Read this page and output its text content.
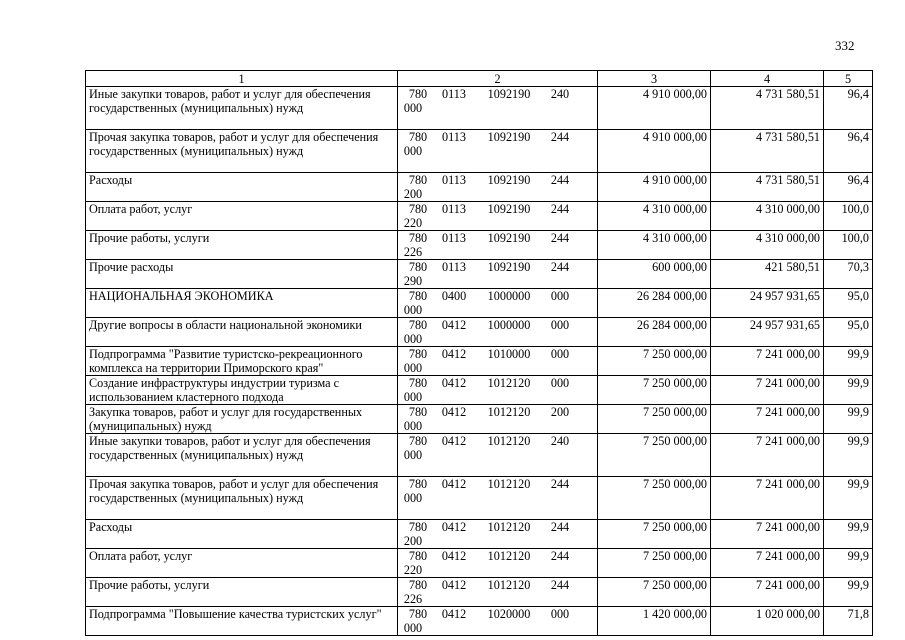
332
1	2	3	4	5
Иные закупки товаров, работ и услуг для обеспечения государственных (муниципальных) нужд	780 0113 1092190 240000	4 910 000,00	4 731 580,51	96,4
Прочая закупка товаров, работ и услуг для обеспечения государственных (муниципальных) нужд	780 0113 1092190 244000	4 910 000,00	4 731 580,51	96,4
Расходы	780 0113 1092190 244200	4 910 000,00	4 731 580,51	96,4
Оплата работ, услуг	780 0113 1092190 244220	4 310 000,00	4 310 000,00	100,0
Прочие работы, услуги	780 0113 1092190 244226	4 310 000,00	4 310 000,00	100,0
Прочие расходы	780 0113 1092190 244290	600 000,00	421 580,51	70,3
НАЦИОНАЛЬНАЯ ЭКОНОМИКА	780 0400 1000000 000000	26 284 000,00	24 957 931,65	95,0
Другие вопросы в области национальной экономики	780 0412 1000000 000000	26 284 000,00	24 957 931,65	95,0
Подпрограмма "Развитие туристско-рекреационного комплекса на территории Приморского края"	780 0412 1010000 000000	7 250 000,00	7 241 000,00	99,9
Создание инфраструктуры индустрии туризма с использованием кластерного подхода	780 0412 1012120 000000	7 250 000,00	7 241 000,00	99,9
Закупка товаров, работ и услуг для государственных (муниципальных) нужд	780 0412 1012120 200000	7 250 000,00	7 241 000,00	99,9
Иные закупки товаров, работ и услуг для обеспечения государственных (муниципальных) нужд	780 0412 1012120 240000	7 250 000,00	7 241 000,00	99,9
Прочая закупка товаров, работ и услуг для обеспечения государственных (муниципальных) нужд	780 0412 1012120 244000	7 250 000,00	7 241 000,00	99,9
Расходы	780 0412 1012120 244200	7 250 000,00	7 241 000,00	99,9
Оплата работ, услуг	780 0412 1012120 244220	7 250 000,00	7 241 000,00	99,9
Прочие работы, услуги	780 0412 1012120 244226	7 250 000,00	7 241 000,00	99,9
Подпрограмма "Повышение качества туристских услуг"	780 0412 1020000 000000	1 420 000,00	1 020 000,00	71,8
